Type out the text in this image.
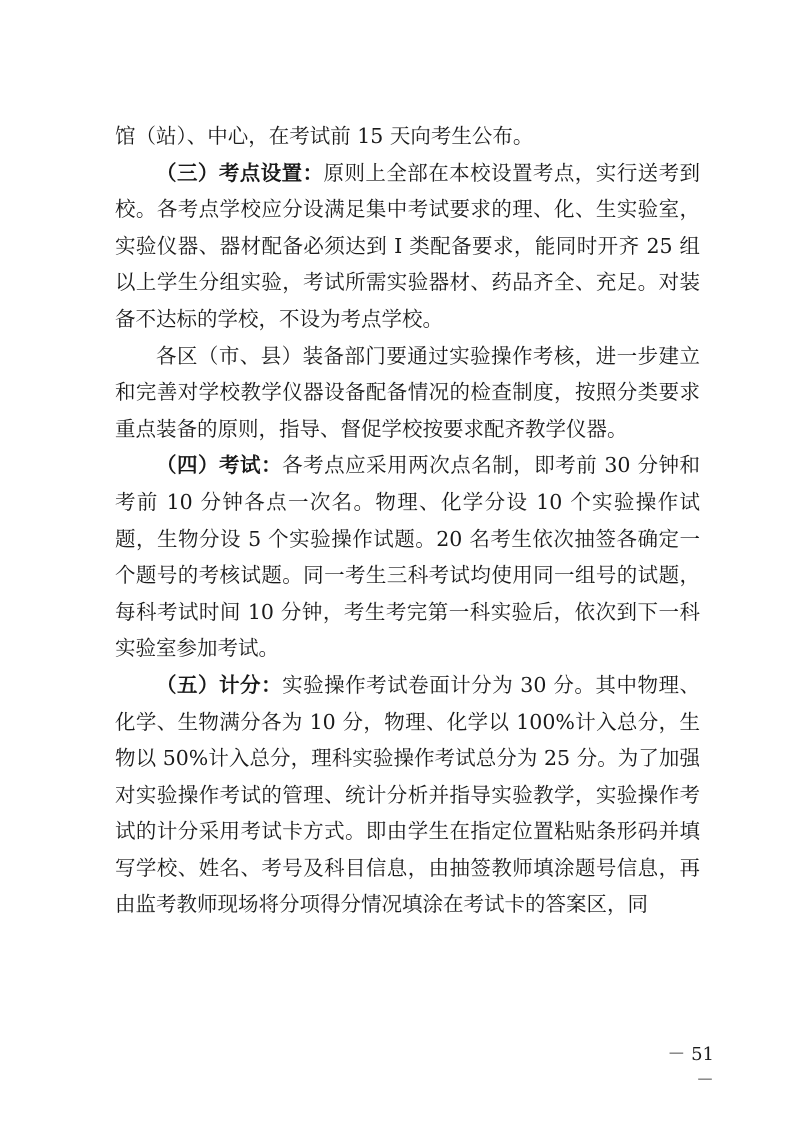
馆（站）、中心，在考试前 15 天向考生公布。

（三）考点设置：原则上全部在本校设置考点，实行送考到校。各考点学校应分设满足集中考试要求的理、化、生实验室，实验仪器、器材配备必须达到 I 类配备要求，能同时开齐 25 组以上学生分组实验，考试所需实验器材、药品齐全、充足。对装备不达标的学校，不设为考点学校。

各区（市、县）装备部门要通过实验操作考核，进一步建立和完善对学校教学仪器设备配备情况的检查制度，按照分类要求重点装备的原则，指导、督促学校按要求配齐教学仪器。

（四）考试：各考点应采用两次点名制，即考前 30 分钟和考前 10 分钟各点一次名。物理、化学分设 10 个实验操作试题，生物分设 5 个实验操作试题。20 名考生依次抽签各确定一个题号的考核试题。同一考生三科考试均使用同一组号的试题，每科考试时间 10 分钟，考生考完第一科实验后，依次到下一科实验室参加考试。

（五）计分：实验操作考试卷面计分为 30 分。其中物理、化学、生物满分各为 10 分，物理、化学以 100%计入总分，生物以 50%计入总分，理科实验操作考试总分为 25 分。为了加强对实验操作考试的管理、统计分析并指导实验教学，实验操作考试的计分采用考试卡方式。即由学生在指定位置粘贴条形码并填写学校、姓名、考号及科目信息，由抽签教师填涂题号信息，再由监考教师现场将分项得分情况填涂在考试卡的答案区，同

－ 51 －
